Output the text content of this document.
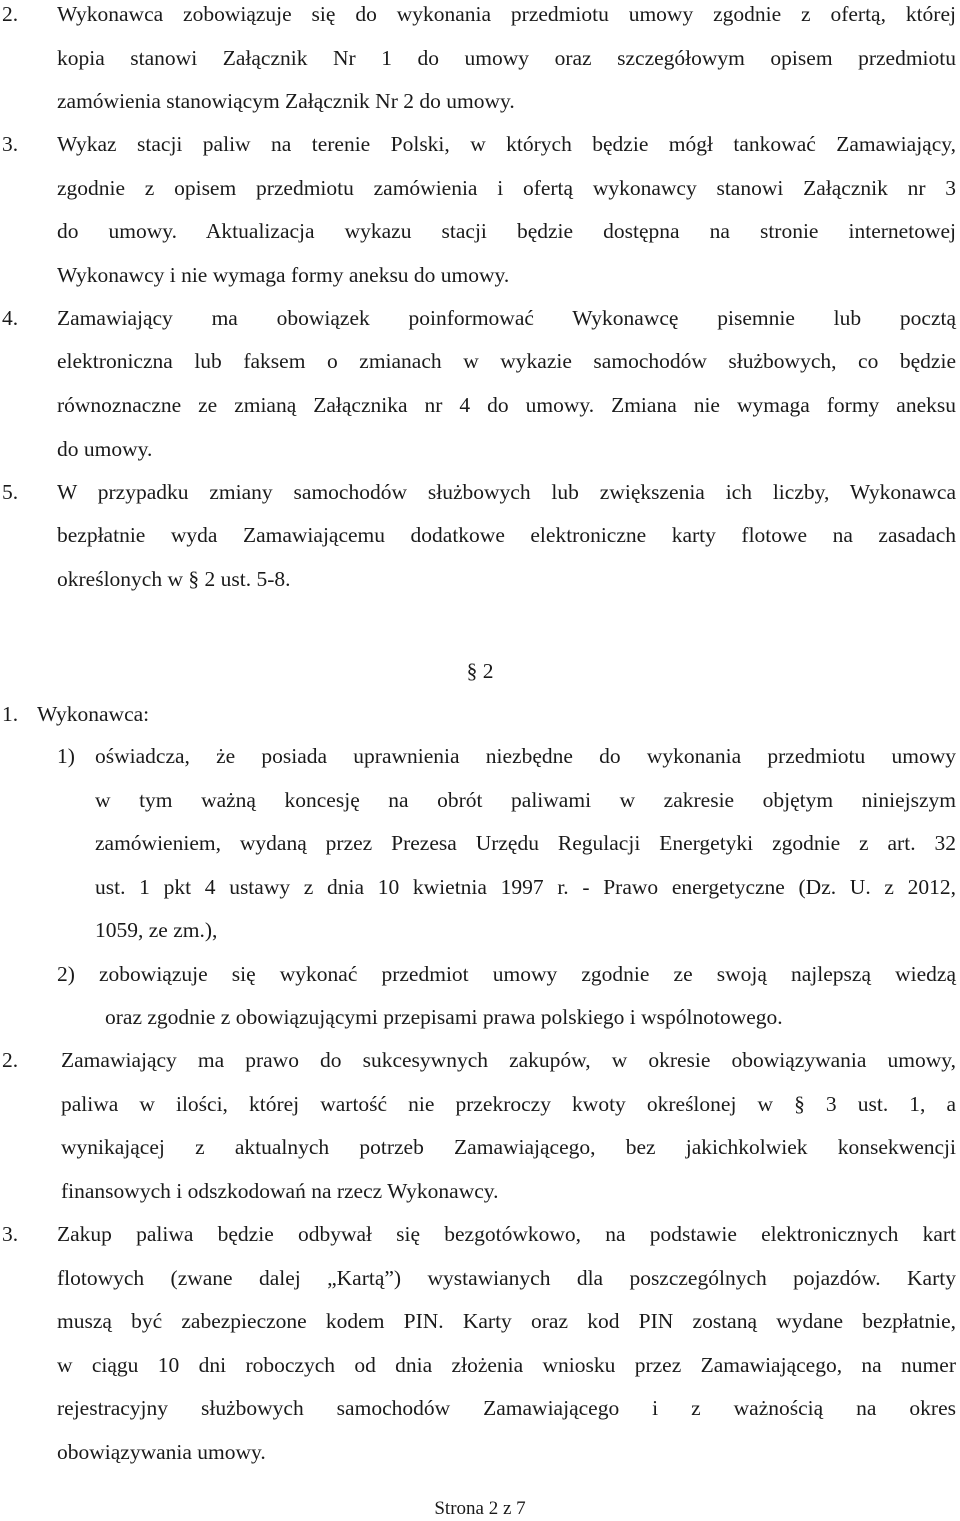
2. Wykonawca zobowiązuje się do wykonania przedmiotu umowy zgodnie z ofertą, której
kopia stanowi Załącznik Nr 1 do umowy oraz szczegółowym opisem przedmiotu
zamówienia stanowiącym Załącznik Nr 2 do umowy.
3. Wykaz stacji paliw na terenie Polski, w których będzie mógł tankować Zamawiający,
zgodnie z opisem przedmiotu zamówienia i ofertą wykonawcy stanowi Załącznik nr 3
do umowy. Aktualizacja wykazu stacji będzie dostępna na stronie internetowej
Wykonawcy i nie wymaga formy aneksu do umowy.
4. Zamawiający ma obowiązek poinformować Wykonawcę pisemnie lub pocztą
elektroniczna lub faksem o zmianach w wykazie samochodów służbowych, co będzie
równoznaczne ze zmianą Załącznika nr 4 do umowy. Zmiana nie wymaga formy aneksu
do umowy.
5. W przypadku zmiany samochodów służbowych lub zwiększenia ich liczby, Wykonawca
bezpłatnie wyda Zamawiającemu dodatkowe elektroniczne karty flotowe na zasadach
określonych w § 2 ust. 5-8.
§ 2
1. Wykonawca:
1) oświadcza, że posiada uprawnienia niezbędne do wykonania przedmiotu umowy
w tym ważną koncesję na obrót paliwami w zakresie objętym niniejszym
zamówieniem, wydaną przez Prezesa Urzędu Regulacji Energetyki zgodnie z art. 32
ust. 1 pkt 4 ustawy z dnia 10 kwietnia 1997 r. - Prawo energetyczne (Dz. U. z 2012,
1059, ze zm.),
2) zobowiązuje się wykonać przedmiot umowy zgodnie ze swoją najlepszą wiedzą
oraz zgodnie z obowiązującymi przepisami prawa polskiego i wspólnotowego.
2. Zamawiający ma prawo do sukcesywnych zakupów, w okresie obowiązywania umowy,
paliwa w ilości, której wartość nie przekroczy kwoty określonej w § 3 ust. 1, a
wynikającej z aktualnych potrzeb Zamawiającego, bez jakichkolwiek konsekwencji
finansowych i odszkodowań na rzecz Wykonawcy.
3. Zakup paliwa będzie odbywał się bezgotówkowo, na podstawie elektronicznych kart
flotowych (zwane dalej „Kartą”) wystawianych dla poszczególnych pojazdów. Karty
muszą być zabezpieczone kodem PIN. Karty oraz kod PIN zostaną wydane bezpłatnie,
w ciągu 10 dni roboczych od dnia złożenia wniosku przez Zamawiającego, na numer
rejestracyjny służbowych samochodów Zamawiającego i z ważnością na okres
obowiązywania umowy.
Strona 2 z 7
